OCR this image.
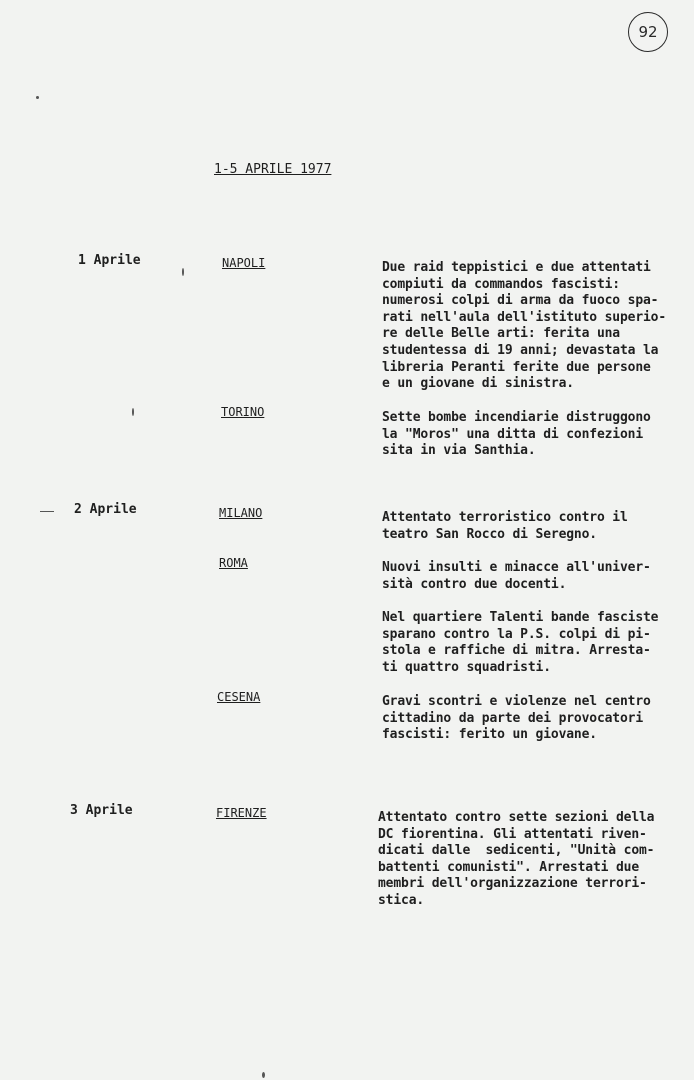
92
1-5 APRILE 1977
1 Aprile	NAPOLI	Due raid teppistici e due attentati
compiuti da commandos fascisti:
numerosi colpi di arma da fuoco spa-
rati nell'aula dell'istituto superio-
re delle Belle arti: ferita una
studentessa di 19 anni; devastata la
libreria Peranti ferite due persone
e un giovane di sinistra.
TORINO	Sette bombe incendiarie distruggono
la "Moros" una ditta di confezioni
sita in via Santhia.
2 Aprile	MILANO	Attentato terroristico contro il
teatro San Rocco di Seregno.
ROMA	Nuovi insulti e minacce all'univer-
sità contro due docenti.
Nel quartiere Talenti bande fasciste
sparano contro la P.S. colpi di pi-
stola e raffiche di mitra. Arresta-
ti quattro squadristi.
CESENA	Gravi scontri e violenze nel centro
cittadino da parte dei provocatori
fascisti: ferito un giovane.
3 Aprile	FIRENZE	Attentato contro sette sezioni della
DC fiorentina. Gli attentati riven-
dicati dalle  sedicenti, "Unità com-
battenti comunisti". Arrestati due
membri dell'organizzazione terrori-
stica.
